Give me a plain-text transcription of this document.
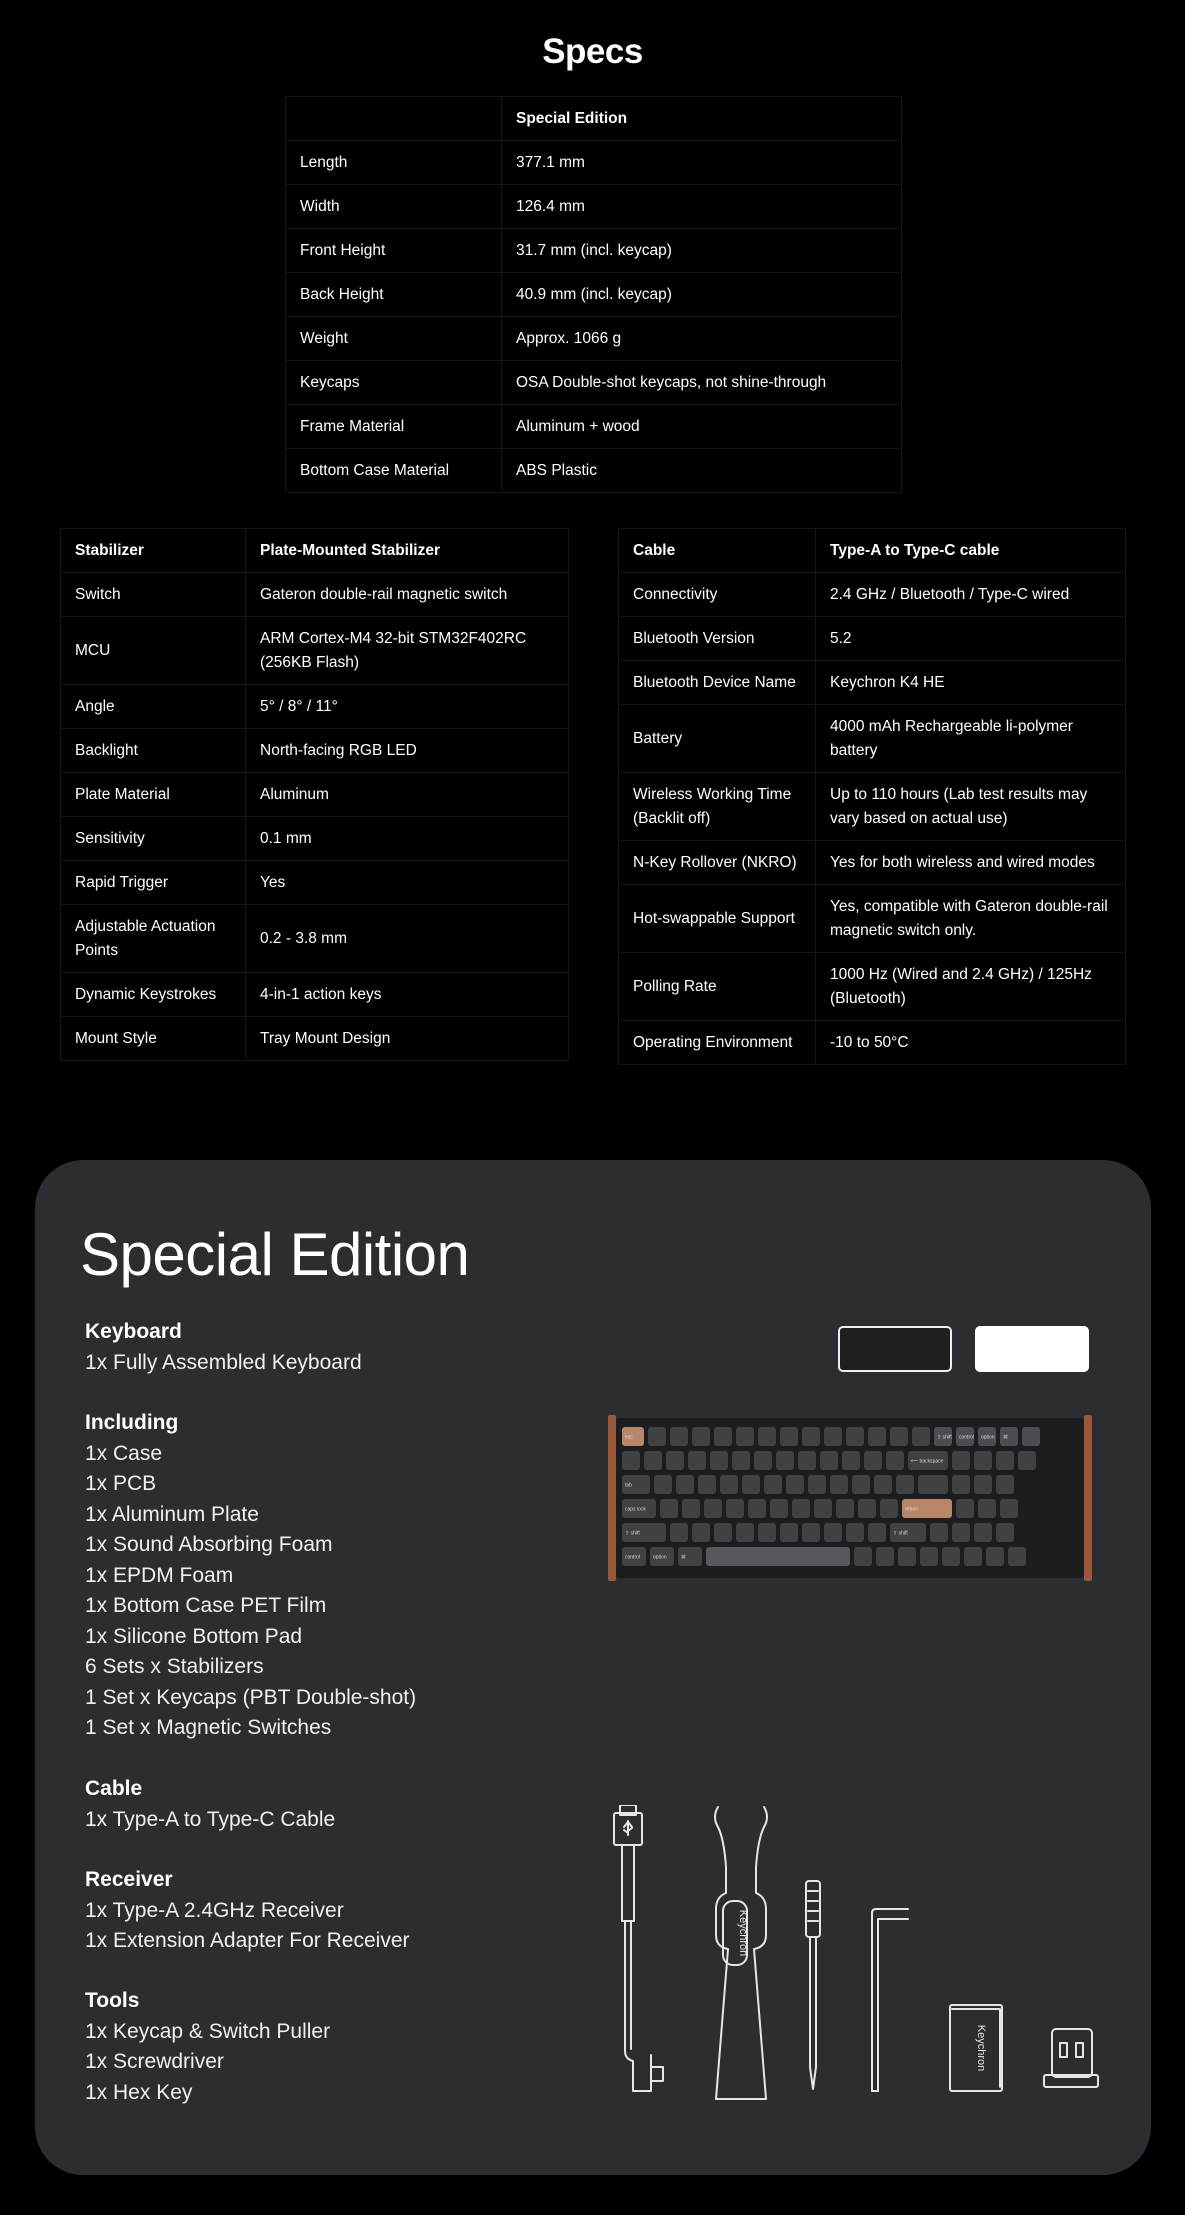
Specs
	Special Edition
Length	377.1 mm
Width	126.4 mm
Front Height	31.7 mm (incl. keycap)
Back Height	40.9 mm (incl. keycap)
Weight	Approx. 1066 g
Keycaps	OSA Double-shot keycaps, not shine-through
Frame Material	Aluminum + wood
Bottom Case Material	ABS Plastic
Stabilizer	Plate-Mounted Stabilizer
Switch	Gateron double-rail magnetic switch
MCU	ARM Cortex-M4 32-bit STM32F402RC (256KB Flash)
Angle	5° / 8° / 11°
Backlight	North-facing RGB LED
Plate Material	Aluminum
Sensitivity	0.1 mm
Rapid Trigger	Yes
Adjustable Actuation Points	0.2 - 3.8 mm
Dynamic Keystrokes	4-in-1 action keys
Mount Style	Tray Mount Design
Cable	Type-A to Type-C cable
Connectivity	2.4 GHz / Bluetooth / Type-C wired
Bluetooth Version	5.2
Bluetooth Device Name	Keychron K4 HE
Battery	4000 mAh Rechargeable li-polymer battery
Wireless Working Time (Backlit off)	Up to 110 hours (Lab test results may vary based on actual use)
N-Key Rollover (NKRO)	Yes for both wireless and wired modes
Hot-swappable Support	Yes, compatible with Gateron double-rail magnetic switch only.
Polling Rate	1000 Hz (Wired and 2.4 GHz) / 125Hz (Bluetooth)
Operating Environment	-10 to 50°C
Special Edition
Keyboard
1x Fully Assembled Keyboard
Including
1x Case
1x PCB
1x Aluminum Plate
1x Sound Absorbing Foam
1x EPDM Foam
1x Bottom Case PET Film
1x Silicone Bottom Pad
6 Sets x Stabilizers
1 Set x Keycaps (PBT Double-shot)
1 Set x Magnetic Switches
Cable
1x Type-A to Type-C Cable
Receiver
1x Type-A 2.4GHz Receiver
1x Extension Adapter For Receiver
Tools
1x Keycap & Switch Puller
1x Screwdriver
1x Hex Key
esc	⇧ shift control option ⌘
⟵ backspace
tab
caps lock	return
⇧ shift	⇧ shift
control	option	⌘
Keychron
Keychron
